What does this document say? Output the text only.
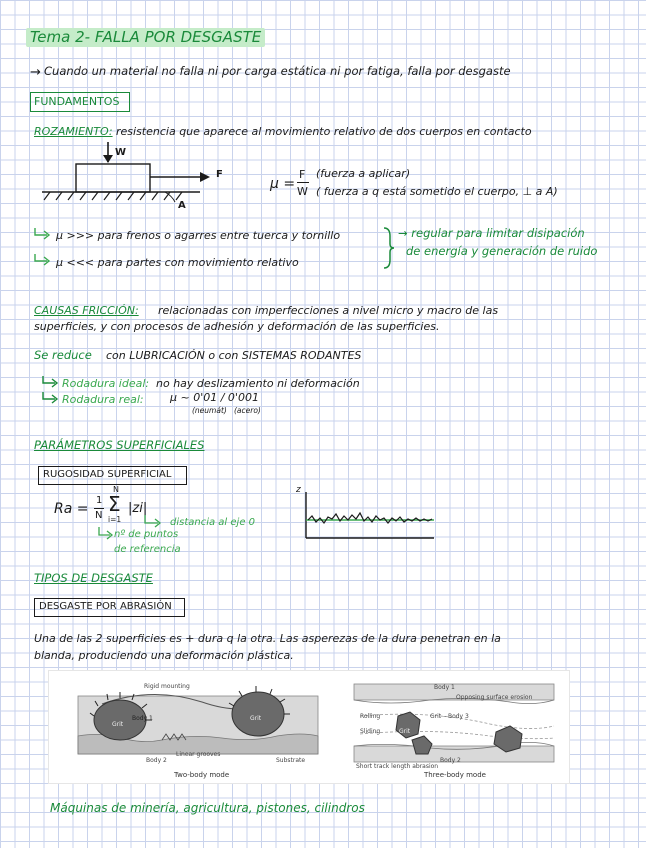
Tema 2- FALLA POR DESGASTE
→ Cuando un material no falla ni por carga estática ni por fatiga, falla por desgaste
FUNDAMENTOS
ROZAMIENTO: resistencia que aparece al movimiento relativo de dos cuerpos en contacto
W
F
A
μ =
F
W
(fuerza a aplicar)
( fuerza a q está sometido el cuerpo, ⊥ a A)
μ >>> para frenos o agarres entre tuerca y tornillo
μ <<< para partes con movimiento relativo
→ regular para limitar disipación
de energía y generación de ruido
CAUSAS FRICCIÓN: relacionadas con imperfecciones a nivel micro y macro de las
superficies, y con procesos de adhesión y deformación de las superficies.
Se reduce con LUBRICACIÓN o con SISTEMAS RODANTES
Rodadura ideal: no hay deslizamiento ni deformación
Rodadura real: μ ~ 0'01 / 0'001
(neumát) (acero)
PARÁMETROS SUPERFICIALES
RUGOSIDAD SUPERFICIAL
Ra =
1
N
N
Σ
i=1
|zi|
distancia al eje 0
nº de puntos
de referencia
z
TIPOS DE DESGASTE
DESGASTE POR ABRASIÓN
Una de las 2 superficies es + dura q la otra. Las asperezas de la dura penetran en la
blanda, produciendo una deformación plástica.
Rigid mounting
Body 1
Grit
Grit
Linear grooves
Body 2	Substrate
Two-body mode
Body 1
Opposing surface erosion
Rolling
Sliding
Grit – Body 3
Grit
Body 2
Short track length abrasion
Three-body mode
Máquinas de minería, agricultura, pistones, cilindros
